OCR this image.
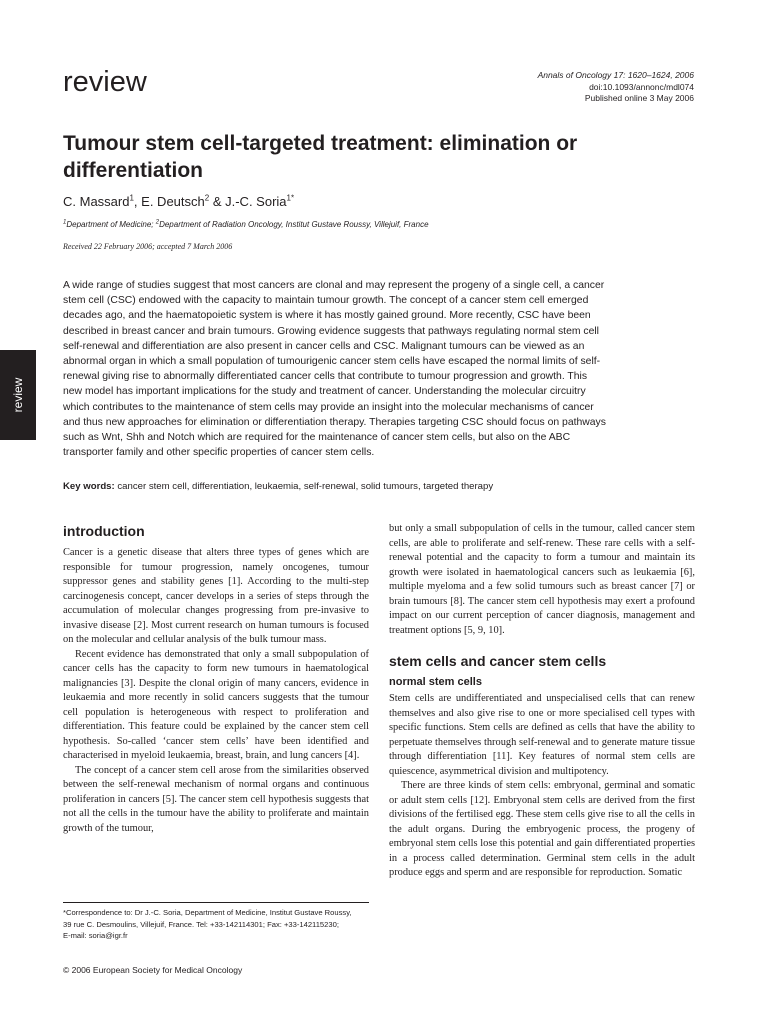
review	Annals of Oncology 17: 1620–1624, 2006
doi:10.1093/annonc/mdl074
Published online 3 May 2006
Tumour stem cell-targeted treatment: elimination or differentiation
C. Massard$^1$, E. Deutsch$^2$ & J.-C. Soria$^{1*}$
$^1$Department of Medicine; $^2$Department of Radiation Oncology, Institut Gustave Roussy, Villejuif, France
Received 22 February 2006; accepted 7 March 2006

A wide range of studies suggest that most cancers are clonal and may represent the progeny of a single cell, a cancer stem cell (CSC) endowed with the capacity to maintain tumour growth. The concept of a cancer stem cell emerged decades ago, and the haematopoietic system is where it has mostly gained ground. More recently, CSC have been described in breast cancer and brain tumours. Growing evidence suggests that pathways regulating normal stem cell self-renewal and differentiation are also present in cancer cells and CSC. Malignant tumours can be viewed as an abnormal organ in which a small population of tumourigenic cancer stem cells have escaped the normal limits of self-renewal giving rise to abnormally differentiated cancer cells that contribute to tumour progression and growth. This new model has important implications for the study and treatment of cancer. Understanding the molecular circuitry which contributes to the maintenance of stem cells may provide an insight into the molecular mechanisms of cancer and thus new approaches for elimination or differentiation therapy. Therapies targeting CSC should focus on pathways such as Wnt, Shh and Notch which are required for the maintenance of cancer stem cells, but also on the ABC transporter family and other specific properties of cancer stem cells.

Key words: cancer stem cell, differentiation, leukaemia, self-renewal, solid tumours, targeted therapy
review
introduction

Cancer is a genetic disease that alters three types of genes which are responsible for tumour progression, namely oncogenes, tumour suppressor genes and stability genes [1]. According to the multi-step carcinogenesis concept, cancer develops in a series of steps through the accumulation of molecular changes progressing from pre-invasive to invasive disease [2]. Most current research on human tumours is focused on the molecular and cellular analysis of the bulk tumour mass.

Recent evidence has demonstrated that only a small subpopulation of cancer cells has the capacity to form new tumours in haematological malignancies [3]. Despite the clonal origin of many cancers, evidence in leukaemia and more recently in solid cancers suggests that the tumour cell population is heterogeneous with respect to proliferation and differentiation. This feature could be explained by the cancer stem cell hypothesis. So-called ‘cancer stem cells’ have been identified and characterised in myeloid leukaemia, breast, brain, and lung cancers [4].

The concept of a cancer stem cell arose from the similarities observed between the self-renewal mechanism of normal organs and continuous proliferation in cancers [5]. The cancer stem cell hypothesis suggests that not all the cells in the tumour have the ability to proliferate and maintain growth of the tumour,

but only a small subpopulation of cells in the tumour, called cancer stem cells, are able to proliferate and self-renew. These rare cells with a self-renewal potential and the capacity to form a tumour and maintain its growth were isolated in haematological cancers such as leukaemia [6], multiple myeloma and a few solid tumours such as breast cancer [7] or brain tumours [8]. The cancer stem cell hypothesis may exert a profound impact on our current perception of cancer diagnosis, management and treatment options [5, 9, 10].

stem cells and cancer stem cells
normal stem cells

Stem cells are undifferentiated and unspecialised cells that can renew themselves and also give rise to one or more specialised cell types with specific functions. Stem cells are defined as cells that have the ability to perpetuate themselves through self-renewal and to generate mature tissue through differentiation [11]. Key features of normal stem cells are quiescence, asymmetrical division and multipotency.

There are three kinds of stem cells: embryonal, germinal and somatic or adult stem cells [12]. Embryonal stem cells are derived from the first divisions of the fertilised egg. These stem cells give rise to all the cells in the adult organs. During the embryogenic process, the progeny of embryonal stem cells lose this potential and gain differentiated properties in a process called determination. Germinal stem cells in the adult produce eggs and sperm and are responsible for reproduction. Somatic

*Correspondence to: Dr J.-C. Soria, Department of Medicine, Institut Gustave Roussy,
39 rue C. Desmoulins, Villejuif, France. Tel: +33-142114301; Fax: +33-142115230;
E-mail: soria@igr.fr
© 2006 European Society for Medical Oncology
